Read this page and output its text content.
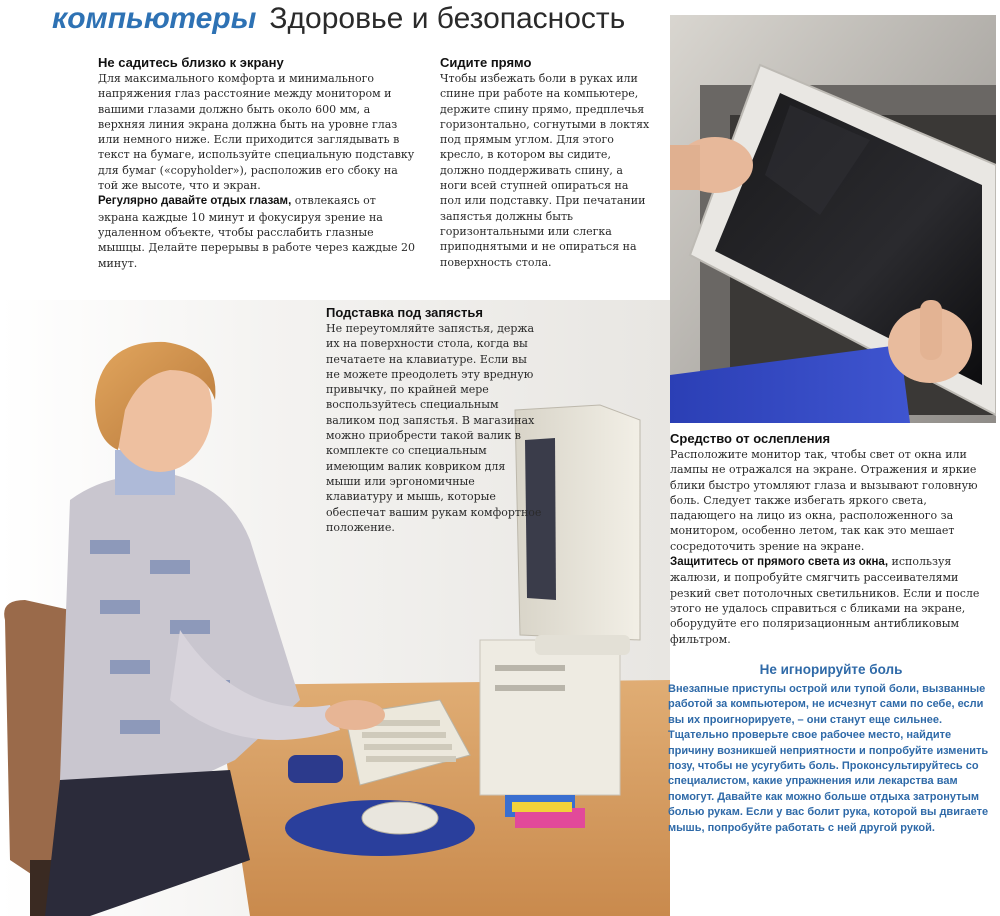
компьютеры Здоровье и безопасность
Не садитесь близко к экрану

Для максимального комфорта и минимального напряжения глаз расстояние между монитором и вашими глазами должно быть около 600 мм, а верхняя линия экрана должна быть на уровне глаз или немного ниже. Если приходится заглядывать в текст на бумаге, используйте специальную подставку для бумаг («copyholder»), расположив его сбоку на той же высоте, что и экран.

Регулярно давайте отдых глазам, отвлекаясь от экрана каждые 10 минут и фокусируя зрение на удаленном объекте, чтобы расслабить глазные мышцы. Делайте перерывы в работе через каждые 20 минут.

Сидите прямо

Чтобы избежать боли в руках или спине при работе на компьютере, держите спину прямо, предплечья горизонтально, согнутыми в локтях под прямым углом. Для этого кресло, в котором вы сидите, должно поддерживать спину, а ноги всей ступней опираться на пол или подставку. При печатании запястья должны быть горизонтальными или слегка приподнятыми и не опираться на поверхность стола.

Подставка под запястья

Не переутомляйте запястья, держа их на поверхности стола, когда вы печатаете на клавиатуре. Если вы не можете преодолеть эту вредную привычку, по крайней мере воспользуйтесь специальным валиком под запястья. В магазинах можно приобрести такой валик в комплекте со специальным имеющим валик ковриком для мыши или эргономичные клавиатуру и мышь, которые обеспечат вашим рукам комфортное положение.

Средство от ослепления

Расположите монитор так, чтобы свет от окна или лампы не отражался на экране. Отражения и яркие блики быстро утомляют глаза и вызывают головную боль. Следует также избегать яркого света, падающего на лицо из окна, расположенного за монитором, особенно летом, так как это мешает сосредоточить зрение на экране.

Защититесь от прямого света из окна, используя жалюзи, и попробуйте смягчить рассеивателями резкий свет потолочных светильников. Если и после этого не удалось справиться с бликами на экране, оборудуйте его поляризационным антибликовым фильтром.

Не игнорируйте боль

Внезапные приступы острой или тупой боли, вызванные работой за компьютером, не исчезнут сами по себе, если вы их проигнорируете, – они станут еще сильнее. Тщательно проверьте свое рабочее место, найдите причину возникшей неприятности и попробуйте изменить позу, чтобы не усугубить боль. Проконсультируйтесь со специалистом, какие упражнения или лекарства вам помогут. Давайте как можно больше отдыха затронутым болью рукам. Если у вас болит рука, которой вы двигаете мышь, попробуйте работать с ней другой рукой.
